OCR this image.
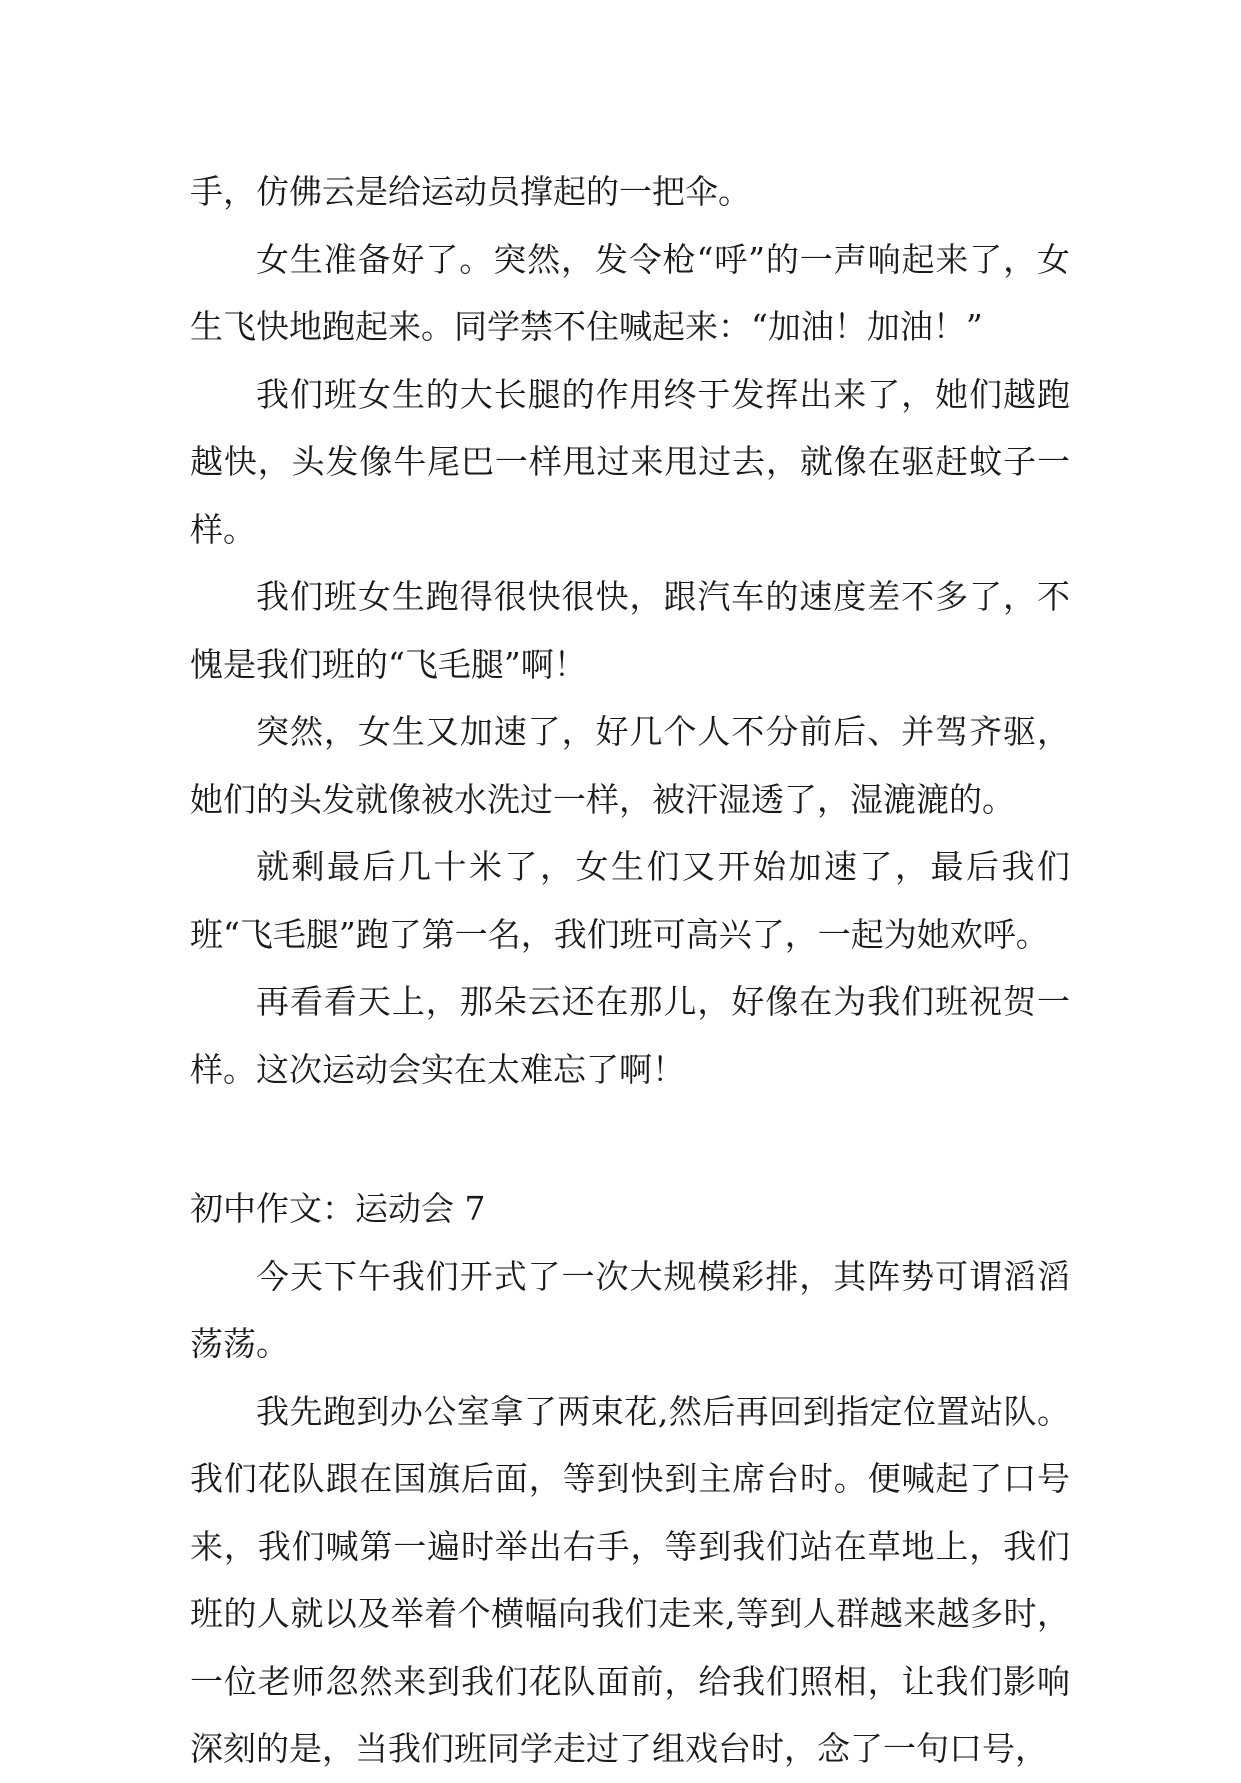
手，仿佛云是给运动员撑起的一把伞。

女生准备好了。突然，发令枪“呼”的一声响起来了，女生飞快地跑起来。同学禁不住喊起来：“加油！加油！”

我们班女生的大长腿的作用终于发挥出来了，她们越跑越快，头发像牛尾巴一样甩过来甩过去，就像在驱赶蚊子一样。

我们班女生跑得很快很快，跟汽车的速度差不多了，不愧是我们班的“飞毛腿”啊！

突然，女生又加速了，好几个人不分前后、并驾齐驱，她们的头发就像被水洗过一样，被汗湿透了，湿漉漉的。

就剩最后几十米了，女生们又开始加速了，最后我们班“飞毛腿”跑了第一名，我们班可高兴了，一起为她欢呼。

再看看天上，那朵云还在那儿，好像在为我们班祝贺一样。这次运动会实在太难忘了啊！

初中作文：运动会 7

今天下午我们开式了一次大规模彩排，其阵势可谓滔滔荡荡。

我先跑到办公室拿了两束花,然后再回到指定位置站队。我们花队跟在国旗后面，等到快到主席台时。便喊起了口号来，我们喊第一遍时举出右手，等到我们站在草地上，我们班的人就以及举着个横幅向我们走来,等到人群越来越多时，一位老师忽然来到我们花队面前，给我们照相，让我们影响深刻的是，当我们班同学走过了组戏台时，念了一句口号，
